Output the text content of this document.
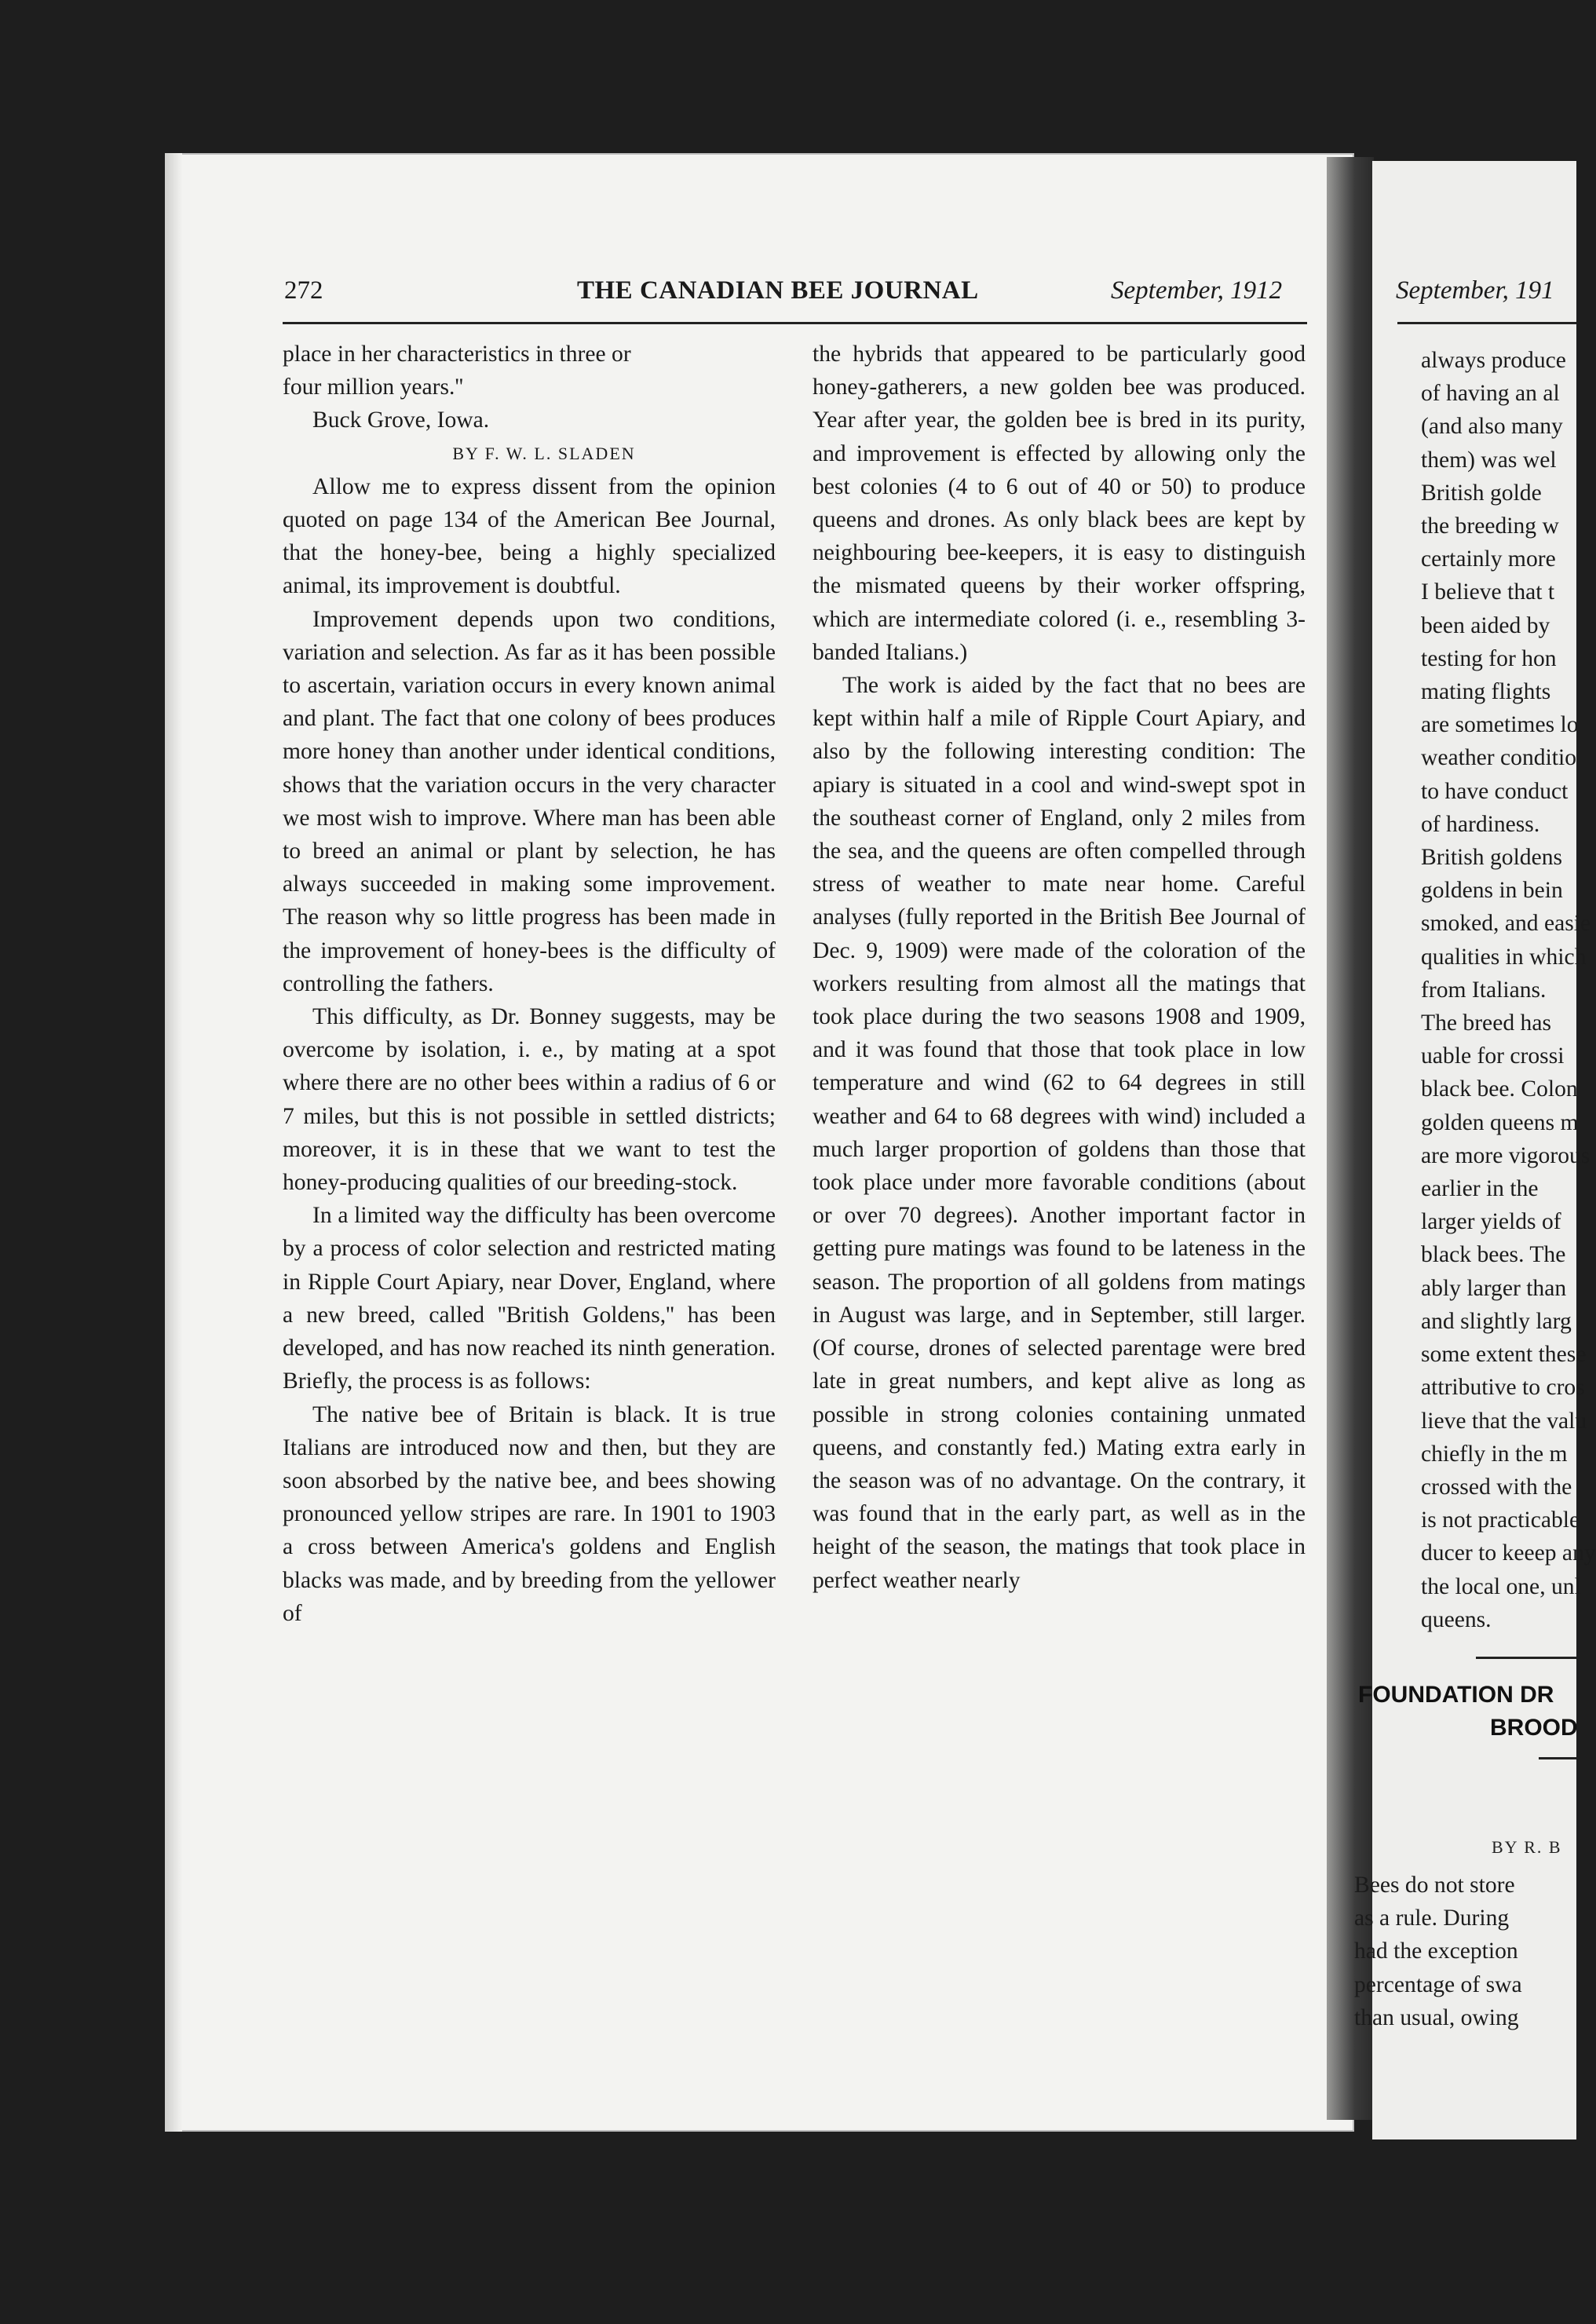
272	THE CANADIAN BEE JOURNAL	September, 1912	September, 191

place in her characteristics in three or

four million years.''

Buck Grove, Iowa.

BY F. W. L. SLADEN

Allow me to express dissent from the opinion quoted on page 134 of the American Bee Journal, that the honey-bee, being a highly specialized animal, its improvement is doubtful.

Improvement depends upon two conditions, variation and selection. As far as it has been possible to ascertain, variation occurs in every known animal and plant. The fact that one colony of bees produces more honey than another under identical conditions, shows that the variation occurs in the very character we most wish to improve. Where man has been able to breed an animal or plant by selection, he has always succeeded in making some improvement. The reason why so little progress has been made in the improvement of honey-bees is the difficulty of controlling the fathers.

This difficulty, as Dr. Bonney suggests, may be overcome by isolation, i. e., by mating at a spot where there are no other bees within a radius of 6 or 7 miles, but this is not possible in settled districts; moreover, it is in these that we want to test the honey-producing qualities of our breeding-stock.

In a limited way the difficulty has been overcome by a process of color selection and restricted mating in Ripple Court Apiary, near Dover, England, where a new breed, called ''British Goldens,'' has been developed, and has now reached its ninth generation. Briefly, the process is as follows:

The native bee of Britain is black. It is true Italians are introduced now and then, but they are soon absorbed by the native bee, and bees showing pronounced yellow stripes are rare. In 1901 to 1903 a cross between America's goldens and English blacks was made, and by breeding from the yellower of

the hybrids that appeared to be particularly good honey-gatherers, a new golden bee was produced. Year after year, the golden bee is bred in its purity, and improvement is effected by allowing only the best colonies (4 to 6 out of 40 or 50) to produce queens and drones. As only black bees are kept by neighbouring bee-keepers, it is easy to distinguish the mismated queens by their worker offspring, which are intermediate colored (i. e., resembling 3-banded Italians.)

The work is aided by the fact that no bees are kept within half a mile of Ripple Court Apiary, and also by the following interesting condition: The apiary is situated in a cool and wind-swept spot in the southeast corner of England, only 2 miles from the sea, and the queens are often compelled through stress of weather to mate near home. Careful analyses (fully reported in the British Bee Journal of Dec. 9, 1909) were made of the coloration of the workers resulting from almost all the matings that took place during the two seasons 1908 and 1909, and it was found that those that took place in low temperature and wind (62 to 64 degrees in still weather and 64 to 68 degrees with wind) included a much larger proportion of goldens than those that took place under more favorable conditions (about or over 70 degrees). Another important factor in getting pure matings was found to be lateness in the season. The proportion of all goldens from matings in August was large, and in September, still larger. (Of course, drones of selected parentage were bred late in great numbers, and kept alive as long as possible in strong colonies containing unmated queens, and constantly fed.) Mating extra early in the season was of no advantage. On the contrary, it was found that in the early part, as well as in the height of the season, the matings that took place in perfect weather nearly

always produce

of having an al

(and also many

them) was wel

British golde

the breeding w

certainly more

I believe that t

been aided by

testing for hon

mating flights

are sometimes lo

weather conditio

to have conduct

of hardiness.

British goldens

goldens in bein

smoked, and easie

qualities in which

from Italians.

The breed has

uable for crossi

black bee. Colon

golden queens m

are more vigorous

earlier in the

larger yields of

black bees. The

ably larger than

and slightly larg

some extent these

attributive to cros

lieve that the valu

chiefly in the m

crossed with the

is not practicable

ducer to keeep any

the local one, unl

queens.

FOUNDATION DR
BROOD
BY R. B

Bees do not store

as a rule. During

had the exception

percentage of swa

than usual, owing
